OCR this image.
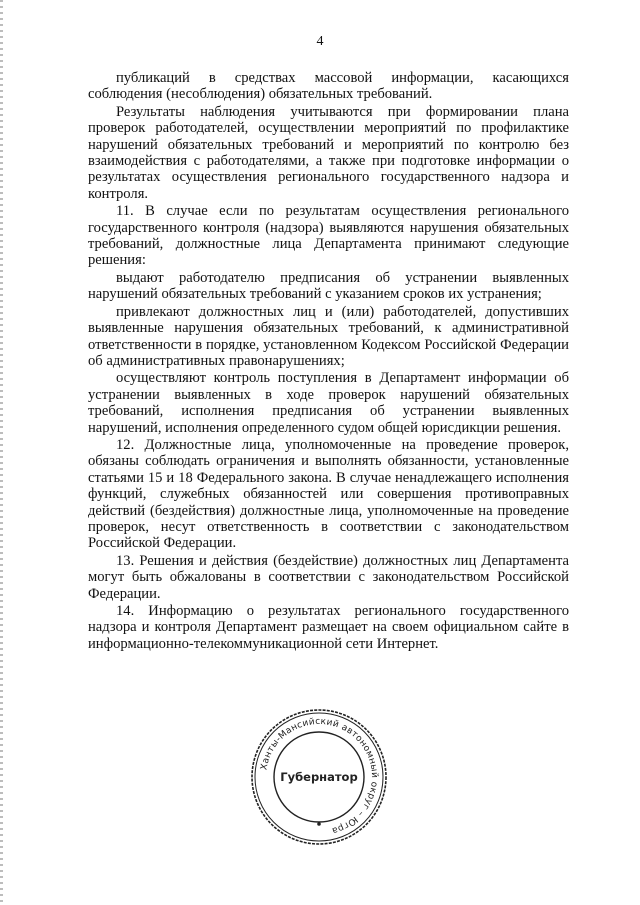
4

публикаций в средствах массовой информации, касающихся соблюдения (несоблюдения) обязательных требований.

Результаты наблюдения учитываются при формировании плана проверок работодателей, осуществлении мероприятий по профилактике нарушений обязательных требований и мероприятий по контролю без взаимодействия с работодателями, а также при подготовке информации о результатах осуществления регионального государственного надзора и контроля.

11. В случае если по результатам осуществления регионального государственного контроля (надзора) выявляются нарушения обязательных требований, должностные лица Департамента принимают следующие решения:

выдают работодателю предписания об устранении выявленных нарушений обязательных требований с указанием сроков их устранения;

привлекают должностных лиц и (или) работодателей, допустивших выявленные нарушения обязательных требований, к административной ответственности в порядке, установленном Кодексом Российской Федерации об административных правонарушениях;

осуществляют контроль поступления в Департамент информации об устранении выявленных в ходе проверок нарушений обязательных требований, исполнения предписания об устранении выявленных нарушений, исполнения определенного судом общей юрисдикции решения.

12. Должностные лица, уполномоченные на проведение проверок, обязаны соблюдать ограничения и выполнять обязанности, установленные статьями 15 и 18 Федерального закона. В случае ненадлежащего исполнения функций, служебных обязанностей или совершения противоправных действий (бездействия) должностные лица, уполномоченные на проведение проверок, несут ответственность в соответствии с законодательством Российской Федерации.

13. Решения и действия (бездействие) должностных лиц Департамента могут быть обжалованы в соответствии с законодательством Российской Федерации.

14. Информацию о результатах регионального государственного надзора и контроля Департамент размещает на своем официальном сайте в информационно-телекоммуникационной сети Интернет.

Ханты-Мансийский автономный округ – Югра
Губернатор
